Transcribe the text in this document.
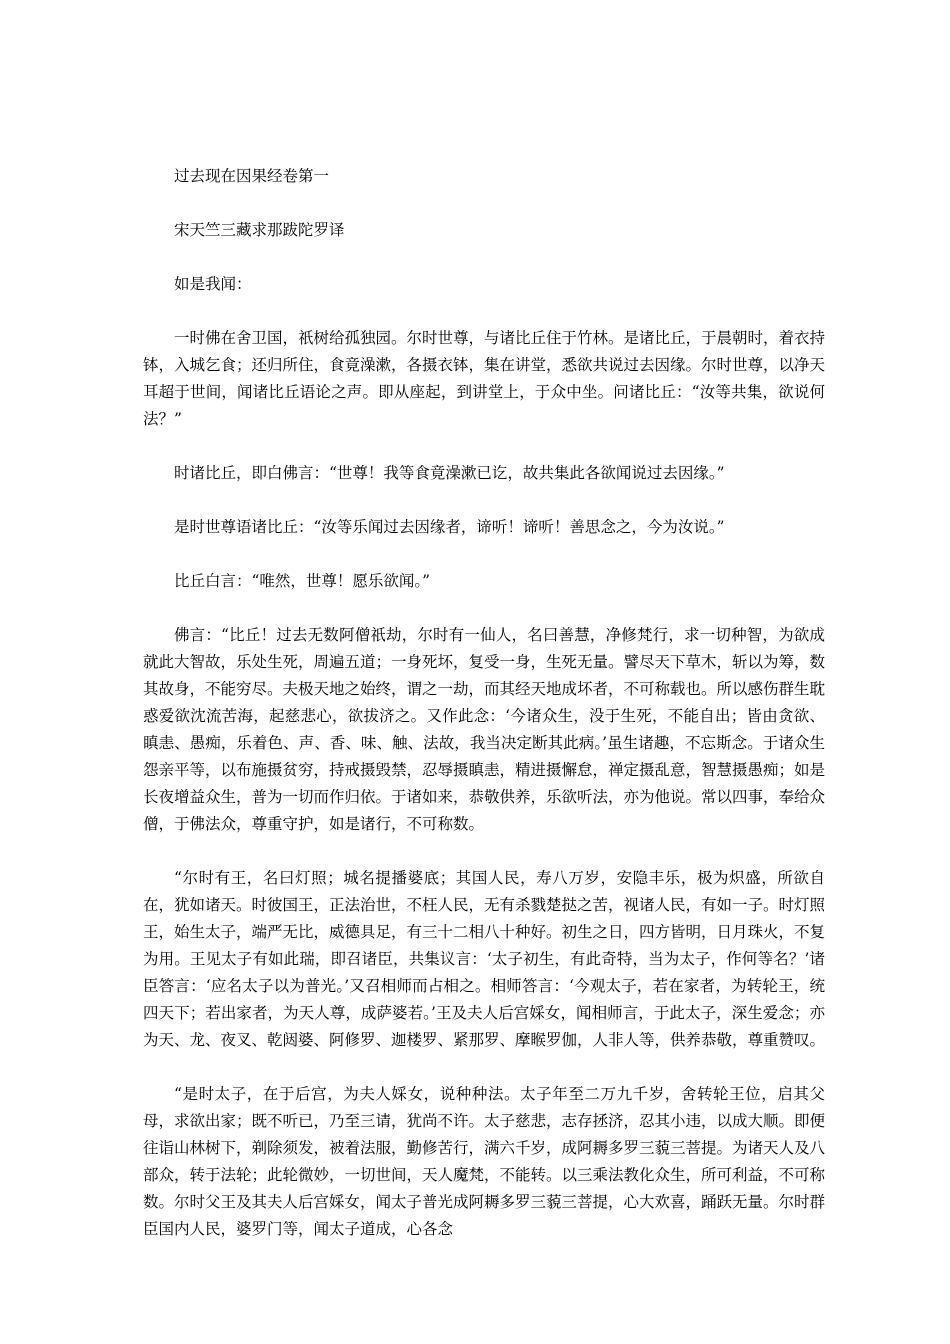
过去现在因果经卷第一

宋天竺三藏求那跋陀罗译

如是我闻：

一时佛在舍卫国，祇树给孤独园。尔时世尊，与诸比丘住于竹林。是诸比丘，于晨朝时，着衣持钵，入城乞食；还归所住，食竟澡漱，各摄衣钵，集在讲堂，悉欲共说过去因缘。尔时世尊，以净天耳超于世间，闻诸比丘语论之声。即从座起，到讲堂上，于众中坐。问诸比丘：“汝等共集，欲说何法？”

时诸比丘，即白佛言：“世尊！我等食竟澡漱已讫，故共集此各欲闻说过去因缘。”

是时世尊语诸比丘：“汝等乐闻过去因缘者，谛听！谛听！善思念之，今为汝说。”

比丘白言：“唯然，世尊！愿乐欲闻。”

佛言：“比丘！过去无数阿僧祇劫，尔时有一仙人，名曰善慧，净修梵行，求一切种智，为欲成就此大智故，乐处生死，周遍五道；一身死坏，复受一身，生死无量。譬尽天下草木，斩以为筹，数其故身，不能穷尽。夫极天地之始终，谓之一劫，而其经天地成坏者，不可称载也。所以感伤群生耽惑爱欲沈流苦海，起慈悲心，欲拔济之。又作此念：‘今诸众生，没于生死，不能自出；皆由贪欲、瞋恚、愚痴，乐着色、声、香、味、触、法故，我当决定断其此病。’虽生诸趣，不忘斯念。于诸众生怨亲平等，以布施摄贫穷，持戒摄毁禁，忍辱摄瞋恚，精进摄懈怠，禅定摄乱意，智慧摄愚痴；如是长夜增益众生，普为一切而作归依。于诸如来，恭敬供养，乐欲听法，亦为他说。常以四事，奉给众僧，于佛法众，尊重守护，如是诸行，不可称数。

“尔时有王，名曰灯照；城名提播婆底；其国人民，寿八万岁，安隐丰乐，极为炽盛，所欲自在，犹如诸天。时彼国王，正法治世，不枉人民，无有杀戮楚挞之苦，视诸人民，有如一子。时灯照王，始生太子，端严无比，威德具足，有三十二相八十种好。初生之日，四方皆明，日月珠火，不复为用。王见太子有如此瑞，即召诸臣，共集议言：‘太子初生，有此奇特，当为太子，作何等名？’诸臣答言：‘应名太子以为普光。’又召相师而占相之。相师答言：‘今观太子，若在家者，为转轮王，统四天下；若出家者，为天人尊，成萨婆若。’王及夫人后宫婇女，闻相师言，于此太子，深生爱念；亦为天、龙、夜叉、乾闼婆、阿修罗、迦楼罗、紧那罗、摩睺罗伽，人非人等，供养恭敬，尊重赞叹。

“是时太子，在于后宫，为夫人婇女，说种种法。太子年至二万九千岁，舍转轮王位，启其父母，求欲出家；既不听已，乃至三请，犹尚不许。太子慈悲，志存拯济，忍其小违，以成大顺。即便往诣山林树下，剃除须发，被着法服，勤修苦行，满六千岁，成阿耨多罗三藐三菩提。为诸天人及八部众，转于法轮；此轮微妙，一切世间，天人魔梵，不能转。以三乘法教化众生，所可利益，不可称数。尔时父王及其夫人后宫婇女，闻太子普光成阿耨多罗三藐三菩提，心大欢喜，踊跃无量。尔时群臣国内人民，婆罗门等，闻太子道成，心各念
